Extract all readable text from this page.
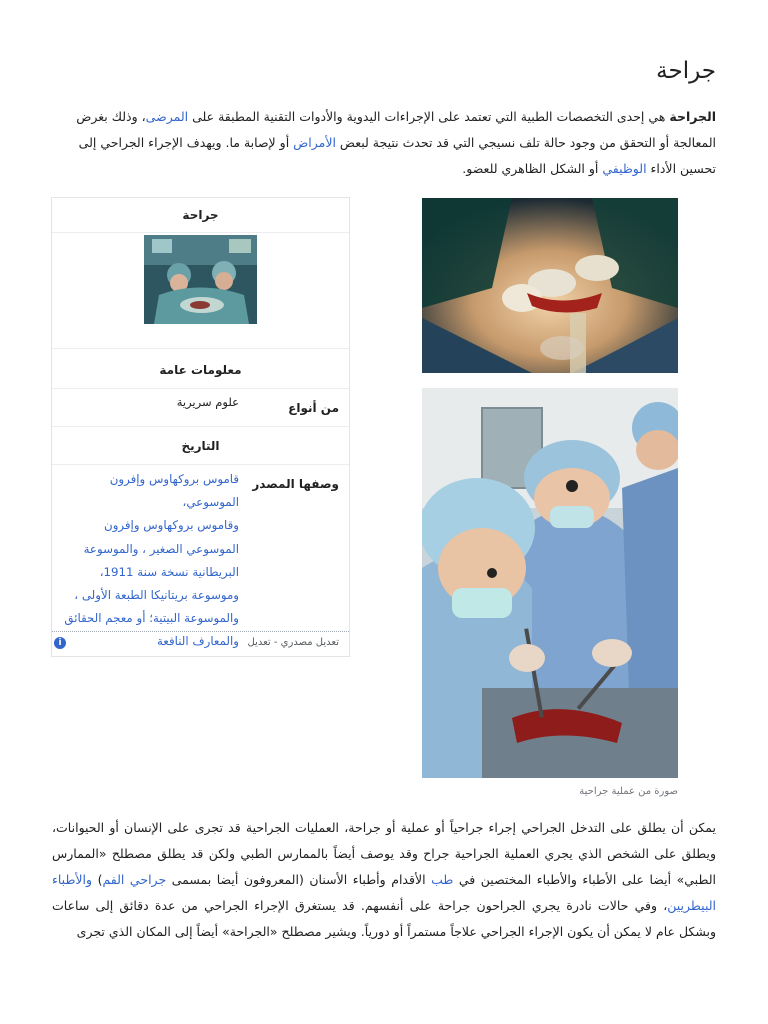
جراحة

الجراحة هي إحدى التخصصات الطبية التي تعتمد على الإجراءات اليدوية والأدوات التقنية المطبقة على المرضى، وذلك بغرض المعالجة أو التحقق من وجود حالة تلف نسيجي التي قد تحدث نتيجة لبعض الأمراض أو لإصابة ما. ويهدف الإجراء الجراحي إلى تحسين الأداء الوظيفي أو الشكل الظاهري للعضو.

صورة من عملية جراحية
جراحة
معلومات عامة
من أنواع
علوم سريرية
التاريخ
وصفها المصدر
قاموس بروكهاوس وإفرون الموسوعي،
وقاموس بروكهاوس وإفرون
الموسوعي الصغير ، والموسوعة
البريطانية نسخة سنة 1911،
وموسوعة بريتانيكا الطبعة الأولى ،
والموسوعة البيتية؛ أو معجم الحقائق
والمعارف النافعة تعديل مصدري - تعديل
i

يمكن أن يطلق على التدخل الجراحي إجراء جراحياً أو عملية أو جراحة، العمليات الجراحية قد تجرى على الإنسان أو الحيوانات، ويطلق على الشخص الذي يجري العملية الجراحية جراح وقد يوصف أيضاً بالممارس الطبي ولكن قد يطلق مصطلح «الممارس الطبي» أيضا على الأطباء والأطباء المختصين في طب الأقدام وأطباء الأسنان (المعروفون أيضا بمسمى جراحي الفم) والأطباء البيطريين، وفي حالات نادرة يجري الجراحون جراحة على أنفسهم. قد يستغرق الإجراء الجراحي من عدة دقائق إلى ساعات وبشكل عام لا يمكن أن يكون الإجراء الجراحي علاجاً مستمراً أو دورياً. ويشير مصطلح «الجراحة» أيضاً إلى المكان الذي تجرى
